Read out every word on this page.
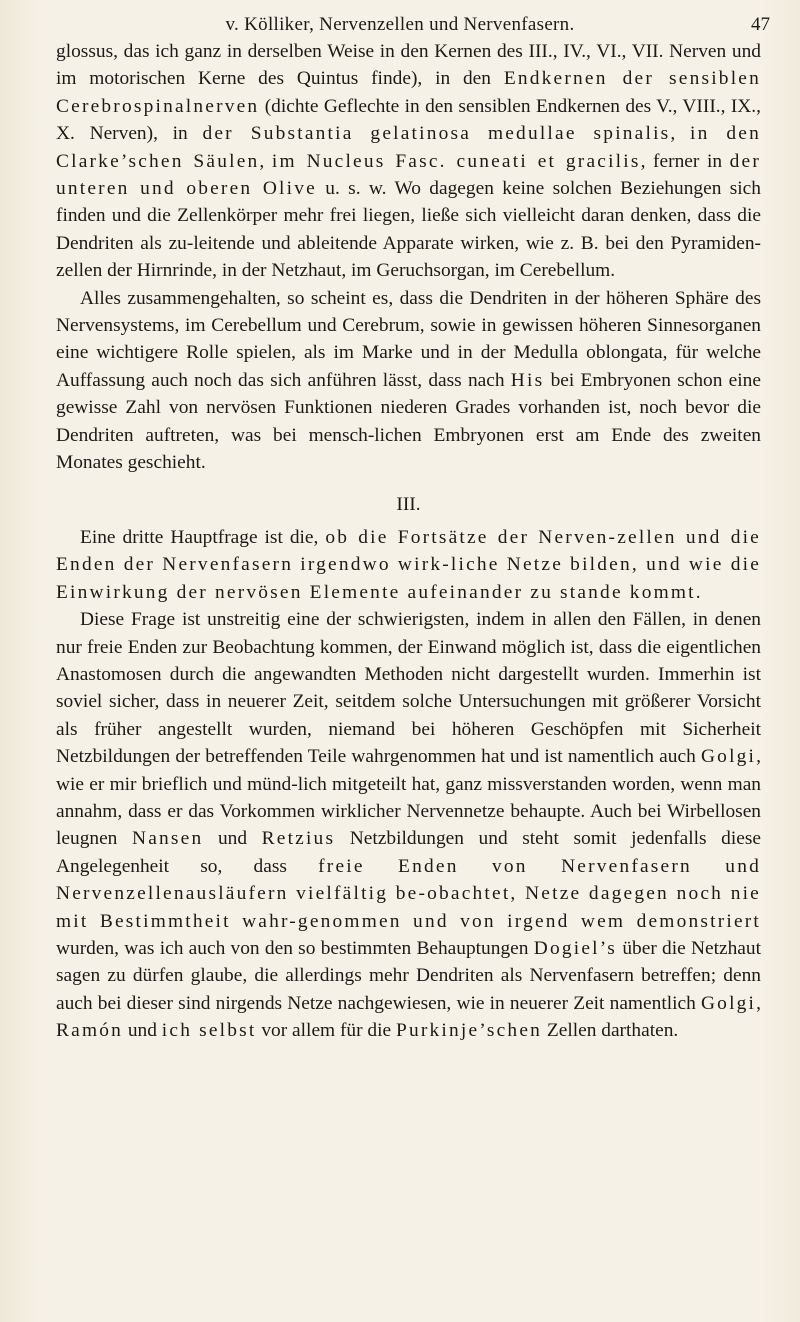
v. Kölliker, Nervenzellen und Nervenfasern.	47

glossus, das ich ganz in derselben Weise in den Kernen des III., IV., VI., VII. Nerven und im motorischen Kerne des Quintus finde), in den Endkernen der sensiblen Cerebrospinalnerven (dichte Geflechte in den sensiblen Endkernen des V., VIII., IX., X. Nerven), in der Substantia gelatinosa medullae spinalis, in den Clarke’schen Säulen, im Nucleus Fasc. cuneati et gracilis, ferner in der unteren und oberen Olive u. s. w. Wo dagegen keine solchen Beziehungen sich finden und die Zellenkörper mehr frei liegen, ließe sich vielleicht daran denken, dass die Dendriten als zu-leitende und ableitende Apparate wirken, wie z. B. bei den Pyramiden-zellen der Hirnrinde, in der Netzhaut, im Geruchsorgan, im Cerebellum.

Alles zusammengehalten, so scheint es, dass die Dendriten in der höheren Sphäre des Nervensystems, im Cerebellum und Cerebrum, sowie in gewissen höheren Sinnesorganen eine wichtigere Rolle spielen, als im Marke und in der Medulla oblongata, für welche Auffassung auch noch das sich anführen lässt, dass nach His bei Embryonen schon eine gewisse Zahl von nervösen Funktionen niederen Grades vorhanden ist, noch bevor die Dendriten auftreten, was bei mensch-lichen Embryonen erst am Ende des zweiten Monates geschieht.

III.

Eine dritte Hauptfrage ist die, ob die Fortsätze der Nerven-zellen und die Enden der Nervenfasern irgendwo wirk-liche Netze bilden, und wie die Einwirkung der nervösen Elemente aufeinander zu stande kommt.

Diese Frage ist unstreitig eine der schwierigsten, indem in allen den Fällen, in denen nur freie Enden zur Beobachtung kommen, der Einwand möglich ist, dass die eigentlichen Anastomosen durch die angewandten Methoden nicht dargestellt wurden. Immerhin ist soviel sicher, dass in neuerer Zeit, seitdem solche Untersuchungen mit größerer Vorsicht als früher angestellt wurden, niemand bei höheren Geschöpfen mit Sicherheit Netzbildungen der betreffenden Teile wahrgenommen hat und ist namentlich auch Golgi, wie er mir brieflich und münd-lich mitgeteilt hat, ganz missverstanden worden, wenn man annahm, dass er das Vorkommen wirklicher Nervennetze behaupte. Auch bei Wirbellosen leugnen Nansen und Retzius Netzbildungen und steht somit jedenfalls diese Angelegenheit so, dass freie Enden von Nervenfasern und Nervenzellenausläufern vielfältig be-obachtet, Netze dagegen noch nie mit Bestimmtheit wahr-genommen und von irgend wem demonstriert wurden, was ich auch von den so bestimmten Behauptungen Dogiel’s über die Netzhaut sagen zu dürfen glaube, die allerdings mehr Dendriten als Nervenfasern betreffen; denn auch bei dieser sind nirgends Netze nachgewiesen, wie in neuerer Zeit namentlich Golgi, Ramón und ich selbst vor allem für die Purkinje’schen Zellen darthaten.
